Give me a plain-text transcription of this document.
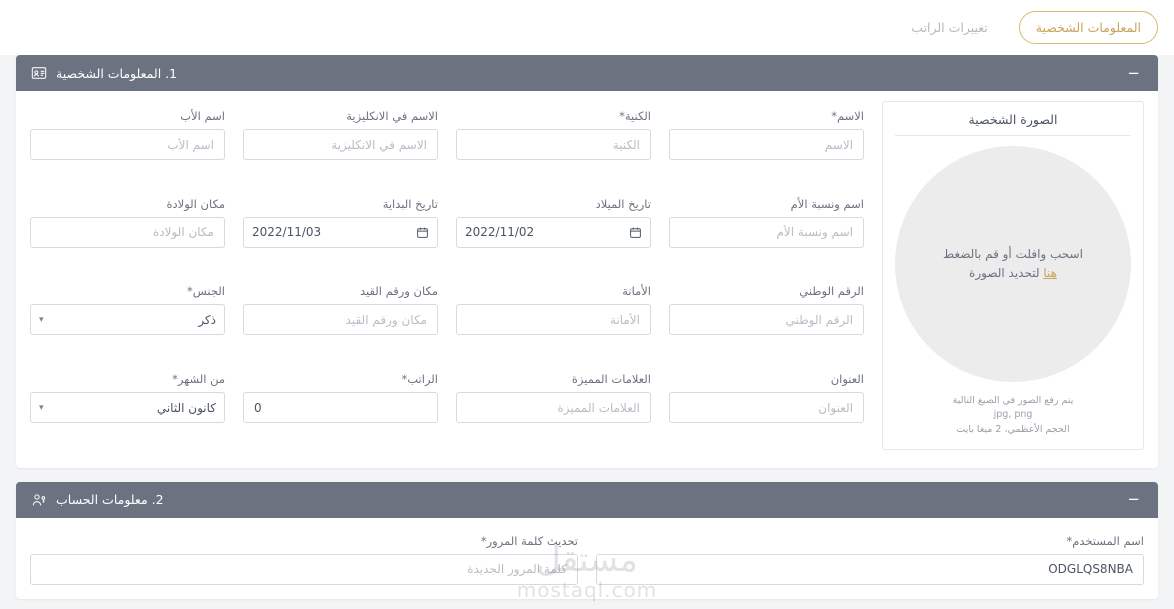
المعلومات الشخصية
تغييرات الراتب
−
1. المعلومات الشخصية
الصورة الشخصية
اسحب وافلت أو قم بالضغط هنا لتحديد الصورة
يتم رفع الصور في الصيغ التالية
jpg, png
الحجم الأعظمي، 2 ميغا بايت
الاسم*
الاسم
الكنية*
الكنية
الاسم في الانكليزية
الاسم في الانكليزية
اسم الأب
اسم الأب
اسم ونسبة الأم
اسم ونسبة الأم
تاريخ الميلاد
2022/11/02
تاريخ البداية
2022/11/03
مكان الولادة
مكان الولادة
الرقم الوطني
الرقم الوطني
الأمانة
الأمانة
مكان ورقم القيد
مكان ورقم القيد
الجنس*
▾	ذكر
العنوان
العنوان
العلامات المميزة
العلامات المميزة
الراتب*
0
من الشهر*
▾	كانون الثاني
−
2. معلومات الحساب
اسم المستخدم*
ODGLQS8NBA
تحديث كلمة المرور*
كلمة المرور الجديدة
مستقل
mostaql.com
